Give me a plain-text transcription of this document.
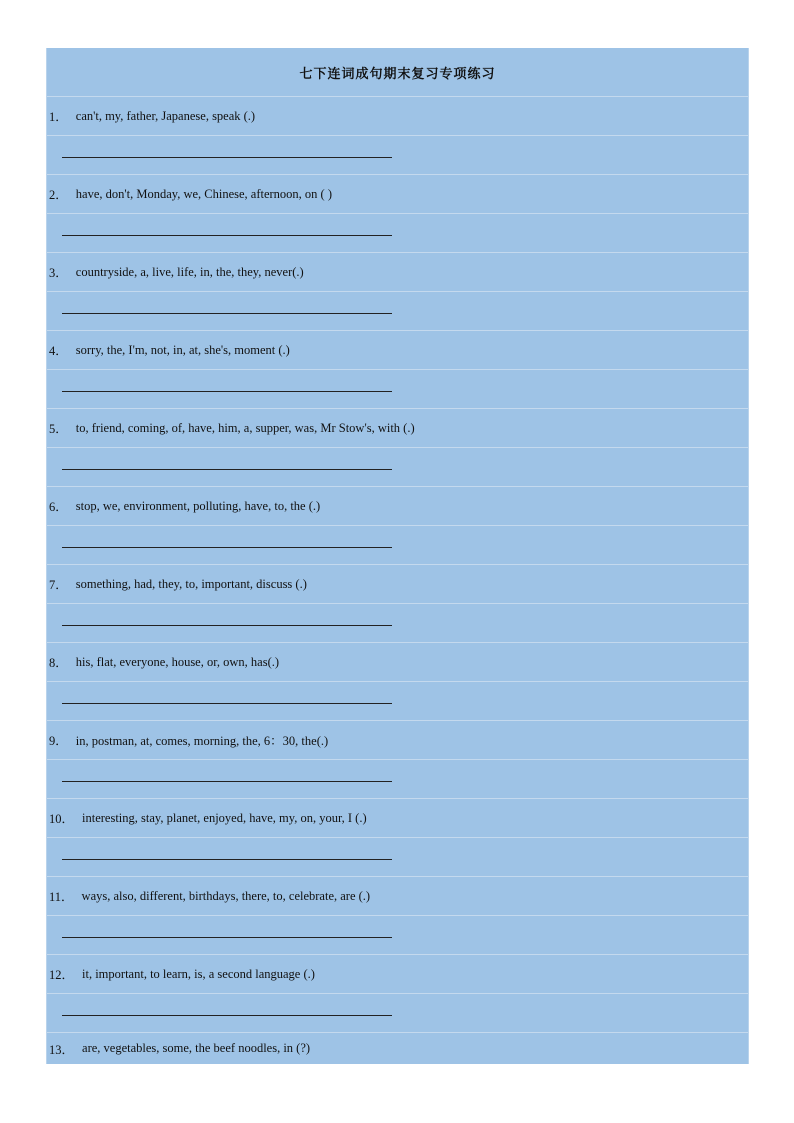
七下连词成句期末复习专项练习
1． can't, my, father, Japanese, speak (.)
2． have, don't, Monday, we, Chinese, afternoon, on ( )
3． countryside, a, live, life, in, the, they, never(.)
4． sorry, the, I'm, not, in, at, she's, moment (.)
5． to, friend, coming, of, have, him, a, supper, was, Mr Stow's, with (.)
6． stop, we, environment, polluting, have, to, the (.)
7． something, had, they, to, important, discuss (.)
8． his, flat, everyone, house, or, own, has(.)
9． in, postman, at, comes, morning, the, 6：30, the(.)
10． interesting, stay, planet, enjoyed, have, my, on, your, I (.)
11． ways, also, different, birthdays, there, to, celebrate, are (.)
12． it, important, to learn, is, a second language (.)
13． are, vegetables, some, the beef noodles, in (?)
